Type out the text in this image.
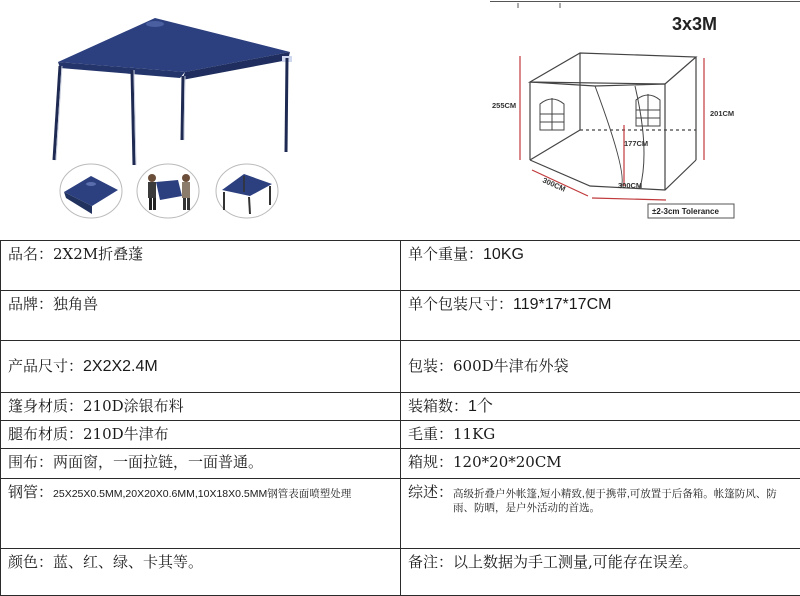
3x3M
255CM
201CM
177CM
300CM	300CM
±2-3cm Tolerance
品名：2X2M折叠蓬	单个重量：10KG
品牌：独角兽	单个包装尺寸：119*17*17CM
产品尺寸：2X2X2.4M	包装：600D牛津布外袋
篷身材质：210D涂银布料	装箱数：1个
腿布材质：210D牛津布	毛重：11KG
围布：两面窗，一面拉链，一面普通。	箱规：120*20*20CM

钢管： 25X25X0.5MM,20X20X0.6MM,10X18X0.5MM钢管表面喷塑处理	综述： 高级折叠户外帐篷,短小精致,便于携带,可放置于后备箱。帐篷防风、防雨、防晒，是户外活动的首选。

颜色：蓝、红、绿、卡其等。	备注：以上数据为手工测量,可能存在误差。
